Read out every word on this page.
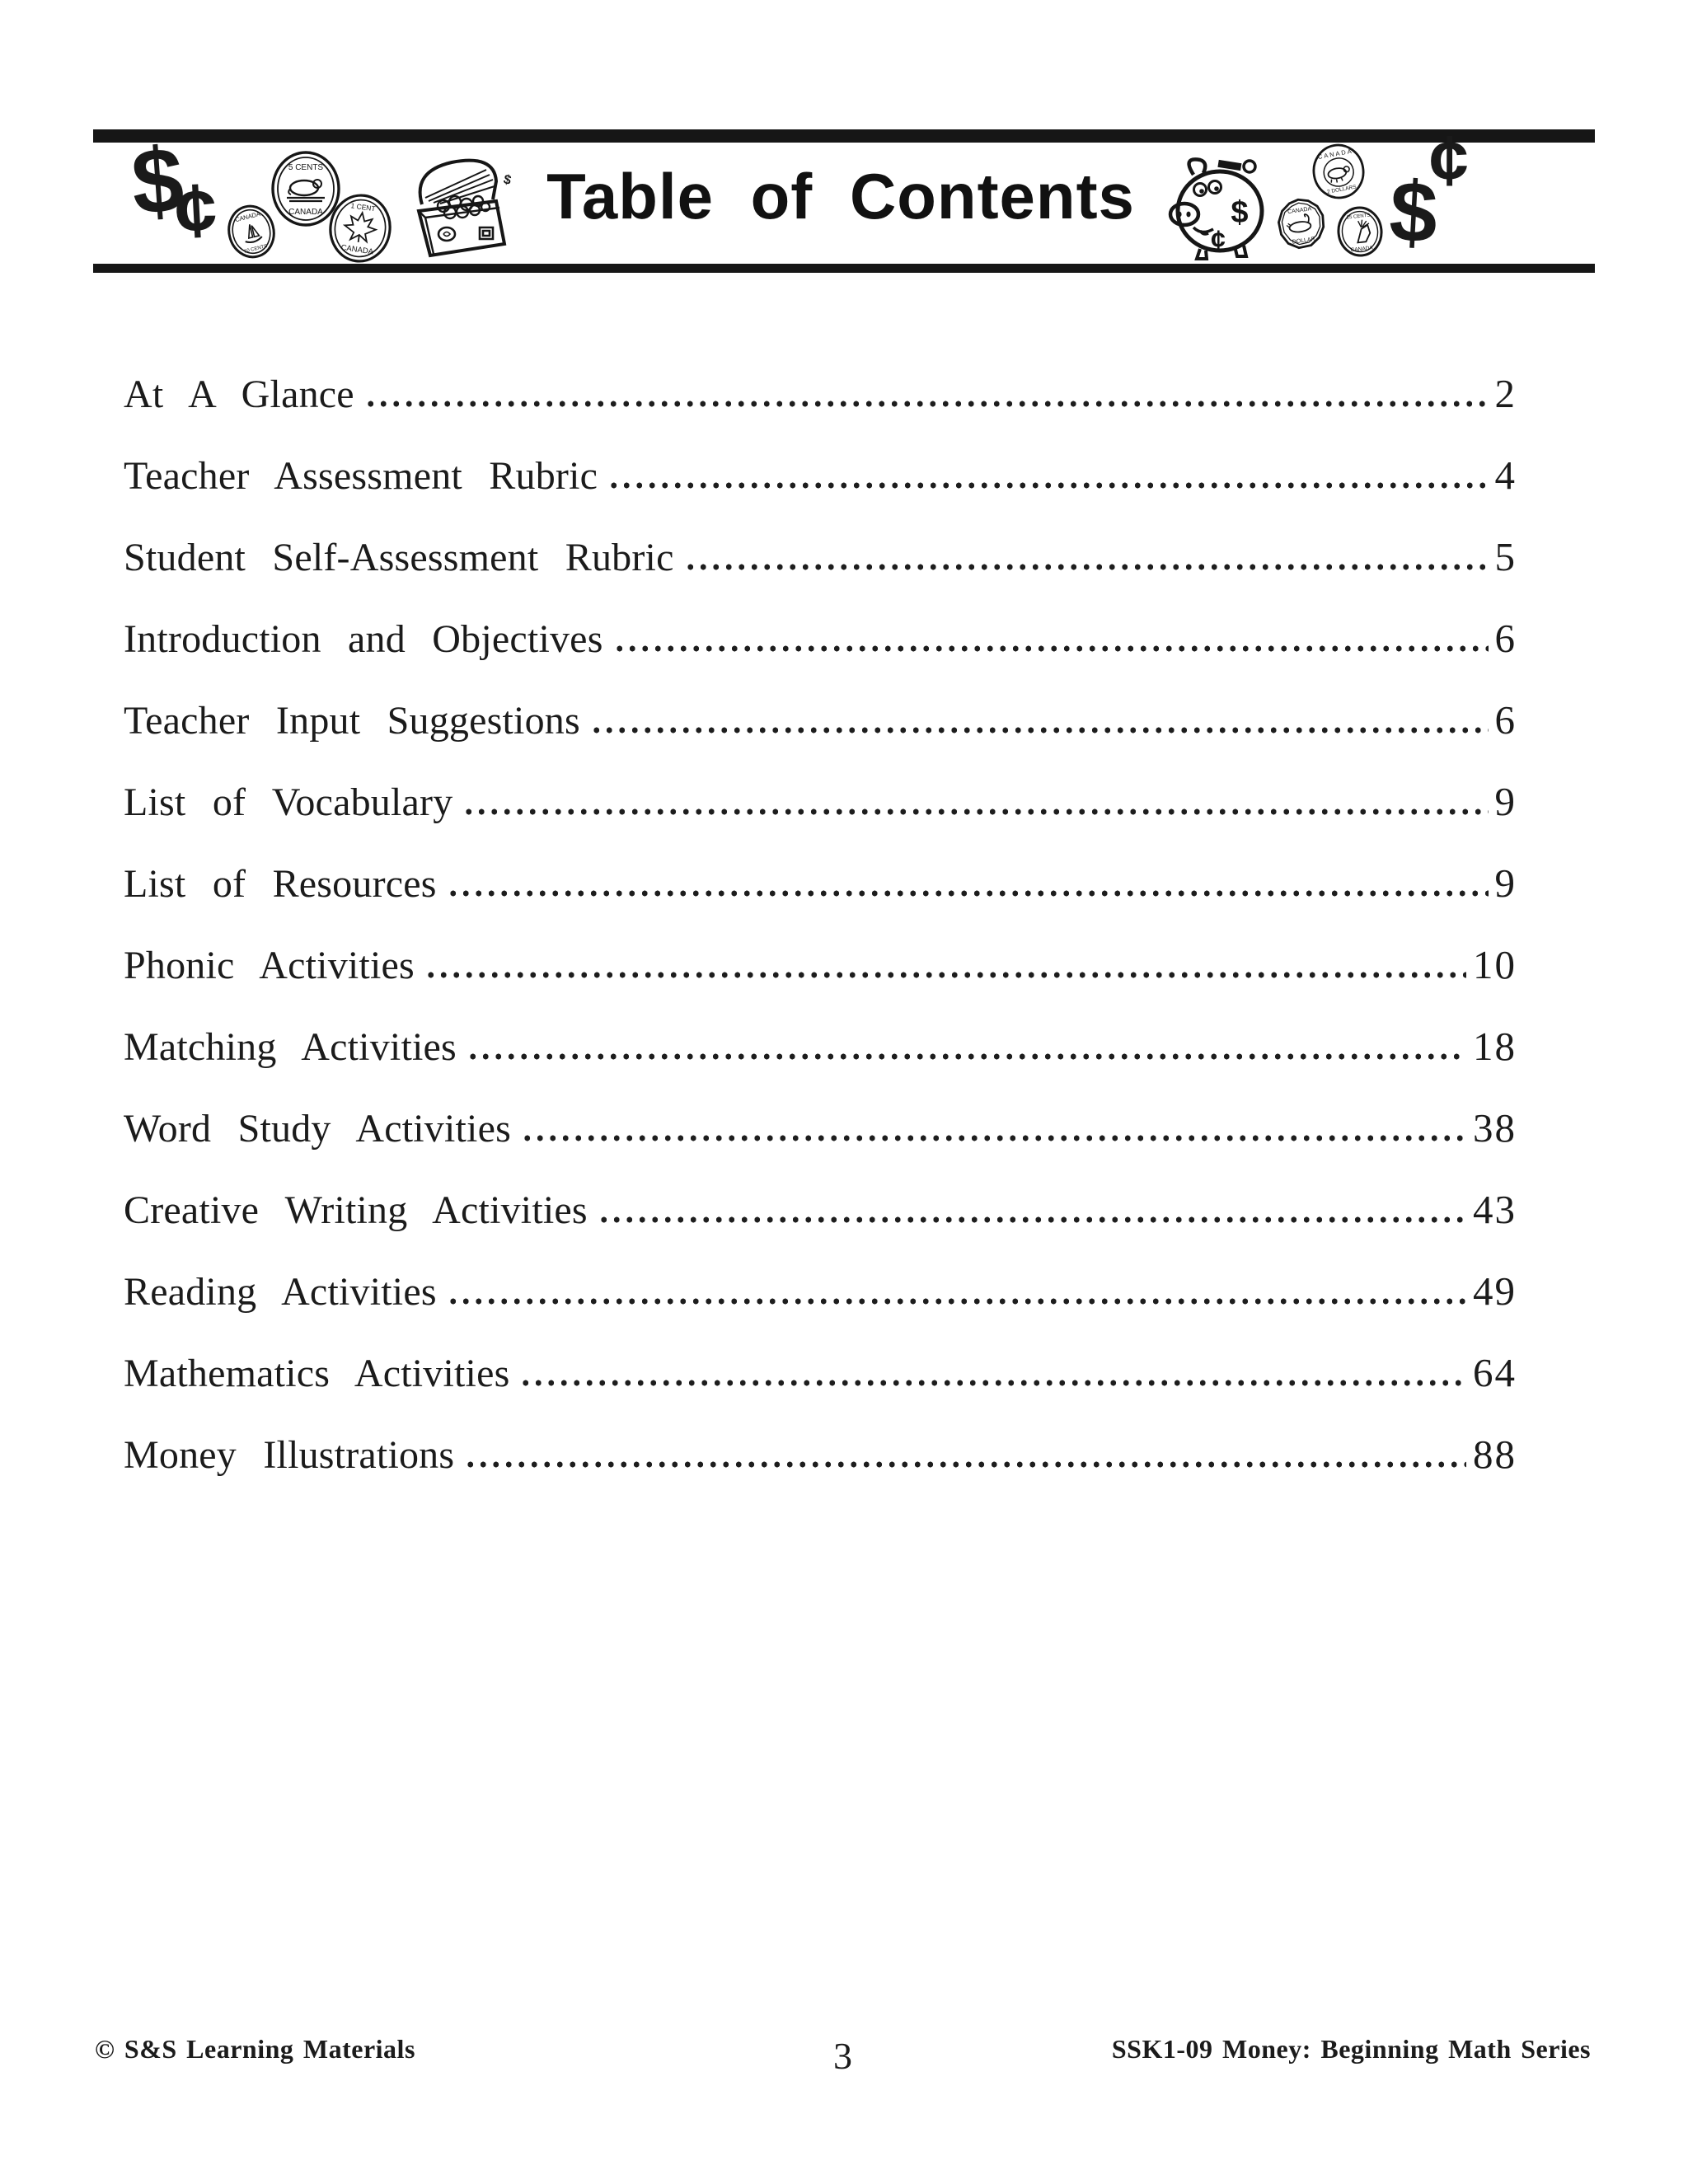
$
¢ CANADA
10 CENTS
5 CENTS
CANADA	1 CENT
CANADA
$ Table of Contents	$
¢
CANADA
2 DOLLARS
CANADA
DOLLAR
25 CENTS
CANADA $
¢
At A Glance	2
Teacher Assessment Rubric	4
Student Self-Assessment Rubric	5
Introduction and Objectives	6
Teacher Input Suggestions	6
List of Vocabulary	9
List of Resources	9
Phonic Activities	10
Matching Activities	18
Word Study Activities	38
Creative Writing Activities	43
Reading Activities	49
Mathematics Activities	64
Money Illustrations	88
© S&S Learning Materials	3	SSK1-09 Money: Beginning Math Series
